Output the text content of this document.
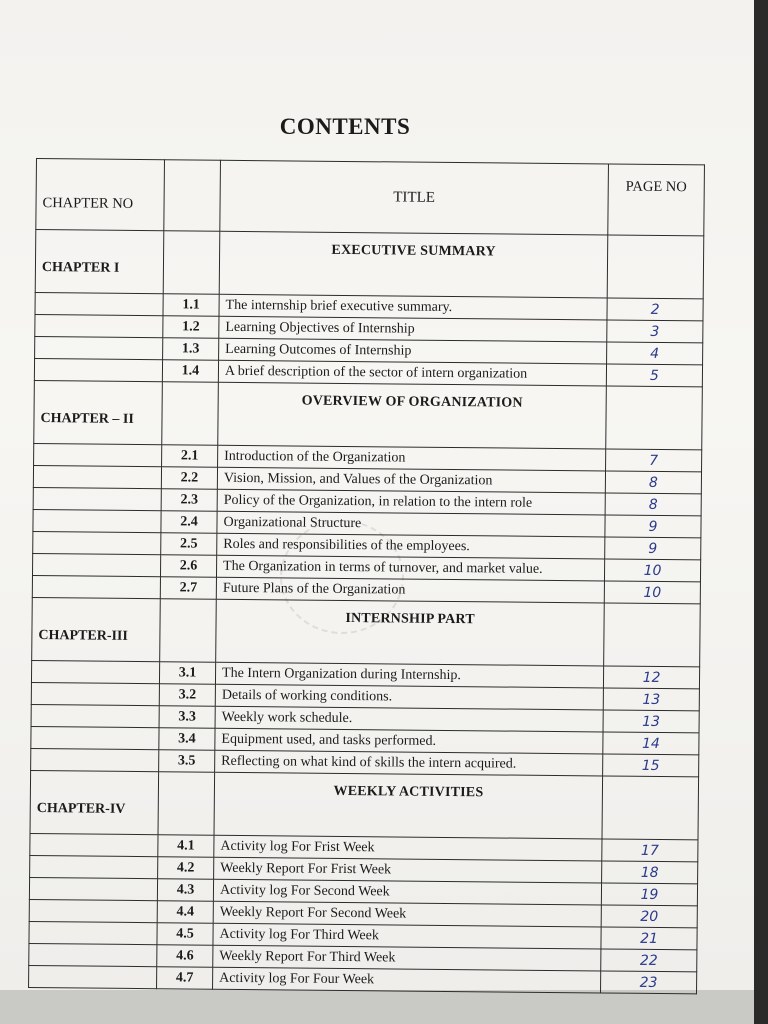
CONTENTS
CHAPTER NO		TITLE	PAGE NO
CHAPTER I		EXECUTIVE SUMMARY	
	1.1	The internship brief executive summary.	2
	1.2	Learning Objectives of Internship	3
	1.3	Learning Outcomes of Internship	4
	1.4	A brief description of the sector of intern organization	5
CHAPTER – II		OVERVIEW OF ORGANIZATION	
	2.1	Introduction of the Organization	7
	2.2	Vision, Mission, and Values of the Organization	8
	2.3	Policy of the Organization, in relation to the intern role	8
	2.4	Organizational Structure	9
	2.5	Roles and responsibilities of the employees.	9
	2.6	The Organization in terms of turnover, and market value.	10
	2.7	Future Plans of the Organization	10
CHAPTER-III		INTERNSHIP PART	
	3.1	The Intern Organization during Internship.	12
	3.2	Details of working conditions.	13
	3.3	Weekly work schedule.	13
	3.4	Equipment used, and tasks performed.	14
	3.5	Reflecting on what kind of skills the intern acquired.	15
CHAPTER-IV		WEEKLY ACTIVITIES	
	4.1	Activity log For Frist Week	17
	4.2	Weekly Report For Frist Week	18
	4.3	Activity log For Second Week	19
	4.4	Weekly Report For Second Week	20
	4.5	Activity log For Third Week	21
	4.6	Weekly Report For Third Week	22
	4.7	Activity log For Four Week	23
